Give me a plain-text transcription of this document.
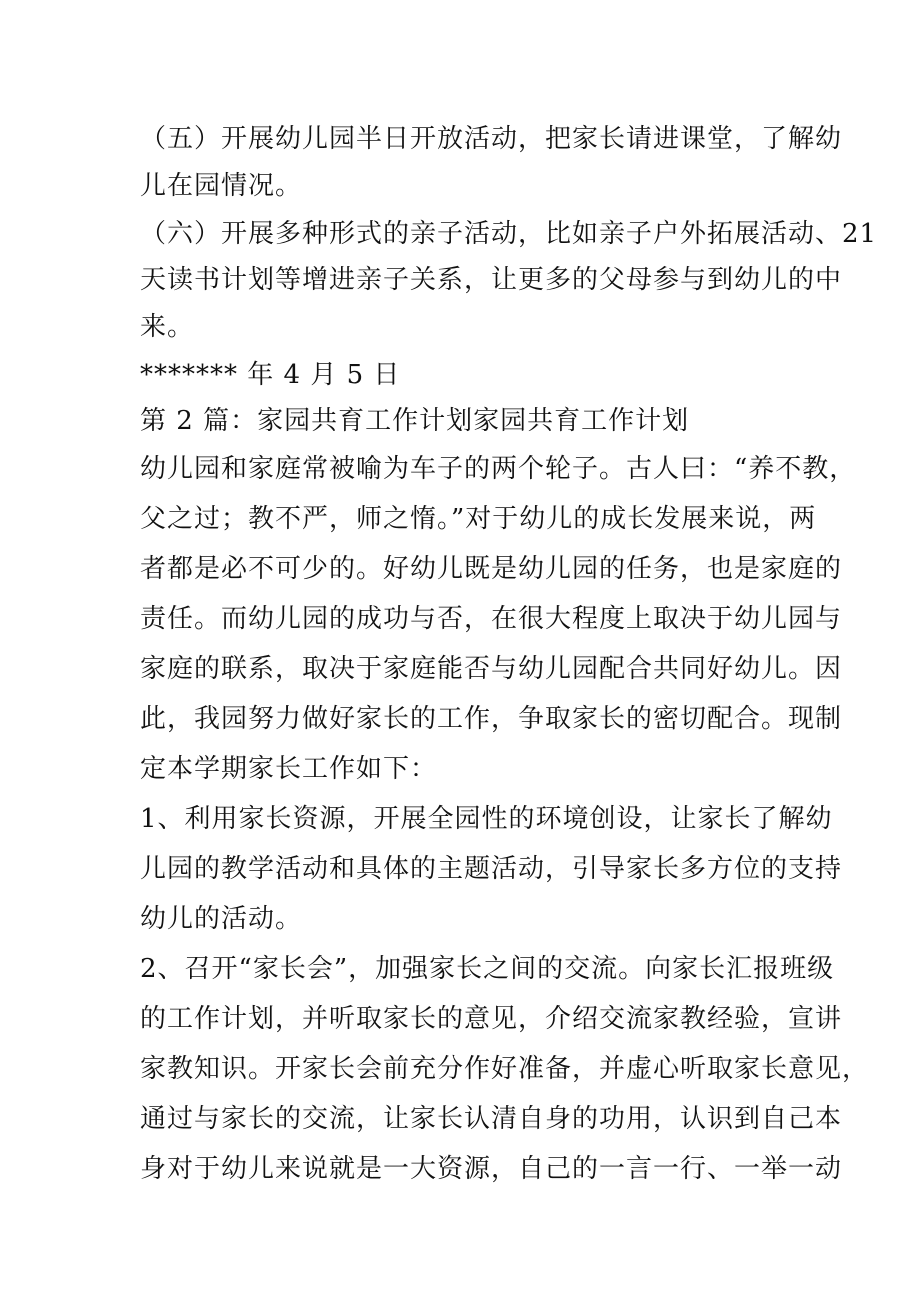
（五）开展幼儿园半日开放活动，把家长请进课堂，了解幼
儿在园情况。
（六）开展多种形式的亲子活动，比如亲子户外拓展活动、21
天读书计划等增进亲子关系，让更多的父母参与到幼儿的中
来。
******* 年 4 月 5 日
第 2 篇：家园共育工作计划家园共育工作计划
幼儿园和家庭常被喻为车子的两个轮子。古人曰：“养不教，
父之过；教不严，师之惰。”对于幼儿的成长发展来说，两
者都是必不可少的。好幼儿既是幼儿园的任务，也是家庭的
责任。而幼儿园的成功与否，在很大程度上取决于幼儿园与
家庭的联系，取决于家庭能否与幼儿园配合共同好幼儿。因
此，我园努力做好家长的工作，争取家长的密切配合。现制
定本学期家长工作如下：
1、利用家长资源，开展全园性的环境创设，让家长了解幼
儿园的教学活动和具体的主题活动，引导家长多方位的支持
幼儿的活动。
2、召开“家长会”，加强家长之间的交流。向家长汇报班级
的工作计划，并听取家长的意见，介绍交流家教经验，宣讲
家教知识。开家长会前充分作好准备，并虚心听取家长意见，
通过与家长的交流，让家长认清自身的功用，认识到自己本
身对于幼儿来说就是一大资源，自己的一言一行、一举一动
